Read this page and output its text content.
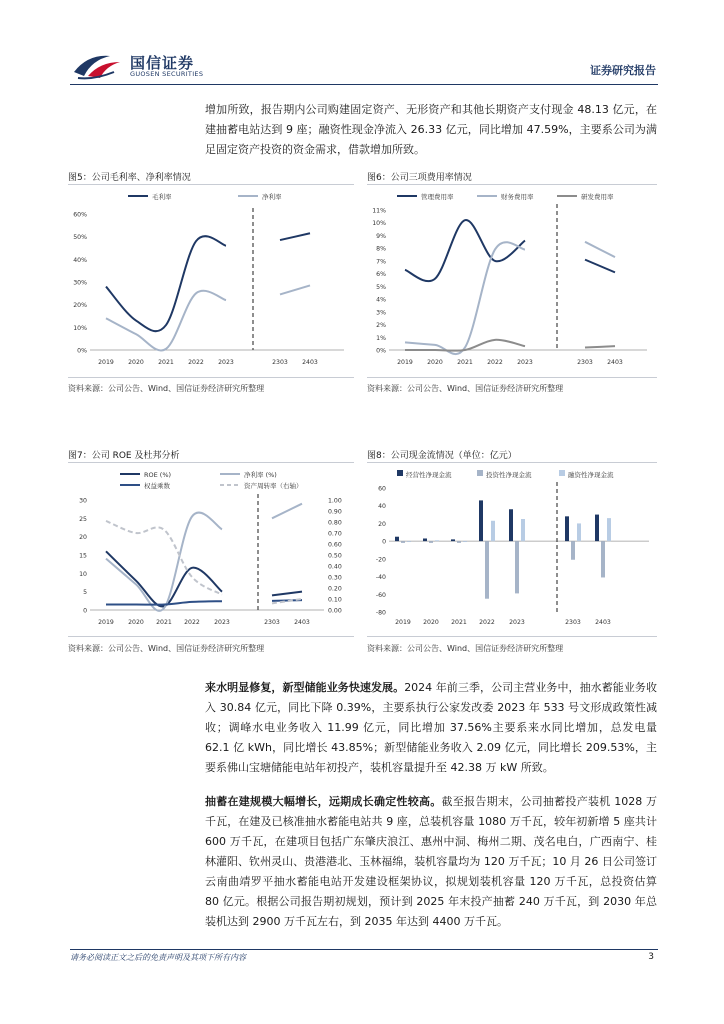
国信证券
GUOSEN SECURITIES	证券研究报告
增加所致，报告期内公司购建固定资产、无形资产和其他长期资产支付现金 48.13 亿元，在建抽蓄电站达到 9 座；融资性现金净流入 26.33 亿元，同比增加 47.59%，主要系公司为满足固定资产投资的资金需求，借款增加所致。
图5：公司毛利率、净利率情况
毛利率	净利率
0%
10%
20%
30%
40%
50%
60%
2019 2020 2021 2022 2023	2303 2403
资料来源：公司公告、Wind、国信证券经济研究所整理
图6：公司三项费用率情况
管理费用率	财务费用率	研发费用率
0%
1%
2%
3%
4%
5%
6%
7%
8%
9%
10%
11%
2019 2020 2021 2022 2023	2303 2403
资料来源：公司公告、Wind、国信证券经济研究所整理
图7：公司 ROE 及杜邦分析
ROE (%)	净利率 (%)
权益乘数	资产周转率（右轴）
0
5
10
15
20
25
30
0.00
0.10
0.20
0.30
0.40
0.50
0.60
0.70
0.80
0.90
1.00
2019 2020 2021 2022 2023	2303 2403
资料来源：公司公告、Wind、国信证券经济研究所整理
图8：公司现金流情况（单位：亿元）
经营性净现金流	投资性净现金流	融资性净现金流
-80
-60
-40
-20
0
20
40
60
2019 2020 2021 2022 2023	2303 2403
资料来源：公司公告、Wind、国信证券经济研究所整理
来水明显修复，新型储能业务快速发展。2024 年前三季，公司主营业务中，抽水蓄能业务收入 30.84 亿元，同比下降 0.39%，主要系执行公家发改委 2023 年 533 号文形成政策性减收；调峰水电业务收入 11.99 亿元，同比增加 37.56%主要系来水同比增加，总发电量 62.1 亿 kWh，同比增长 43.85%；新型储能业务收入 2.09 亿元，同比增长 209.53%，主要系佛山宝塘储能电站年初投产，装机容量提升至 42.38 万 kW 所致。
抽蓄在建规模大幅增长，远期成长确定性较高。截至报告期末，公司抽蓄投产装机 1028 万千瓦，在建及已核准抽水蓄能电站共 9 座，总装机容量 1080 万千瓦，较年初新增 5 座共计 600 万千瓦，在建项目包括广东肇庆浪江、惠州中洞、梅州二期、茂名电白，广西南宁、桂林灌阳、钦州灵山、贵港港北、玉林福绵，装机容量均为 120 万千瓦；10 月 26 日公司签订云南曲靖罗平抽水蓄能电站开发建设框架协议，拟规划装机容量 120 万千瓦，总投资估算 80 亿元。根据公司报告期初规划，预计到 2025 年末投产抽蓄 240 万千瓦，到 2030 年总装机达到 2900 万千瓦左右，到 2035 年达到 4400 万千瓦。
请务必阅读正文之后的免责声明及其项下所有内容	3
